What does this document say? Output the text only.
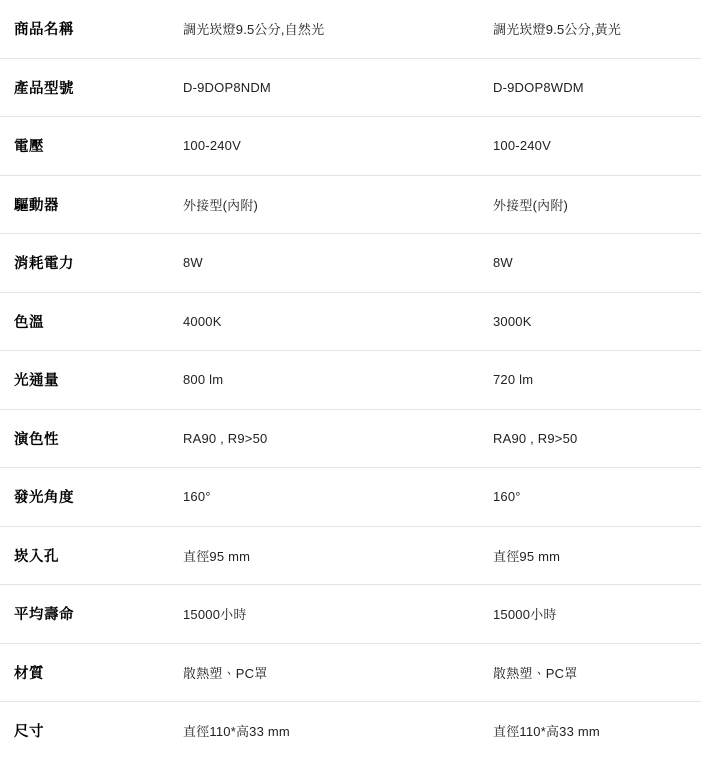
商品名稱	調光崁燈9.5公分,自然光	調光崁燈9.5公分,黃光
產品型號	D-9DOP8NDM	D-9DOP8WDM
電壓	100-240V	100-240V
驅動器	外接型(內附)	外接型(內附)
消耗電力	8W	8W
色溫	4000K	3000K
光通量	800 lm	720 lm
演色性	RA90 , R9>50	RA90 , R9>50
發光角度	160°	160°
崁入孔	直徑95 mm	直徑95 mm
平均壽命	15000小時	15000小時
材質	散熱塑、PC罩	散熱塑、PC罩
尺寸	直徑110*高33 mm	直徑110*高33 mm
